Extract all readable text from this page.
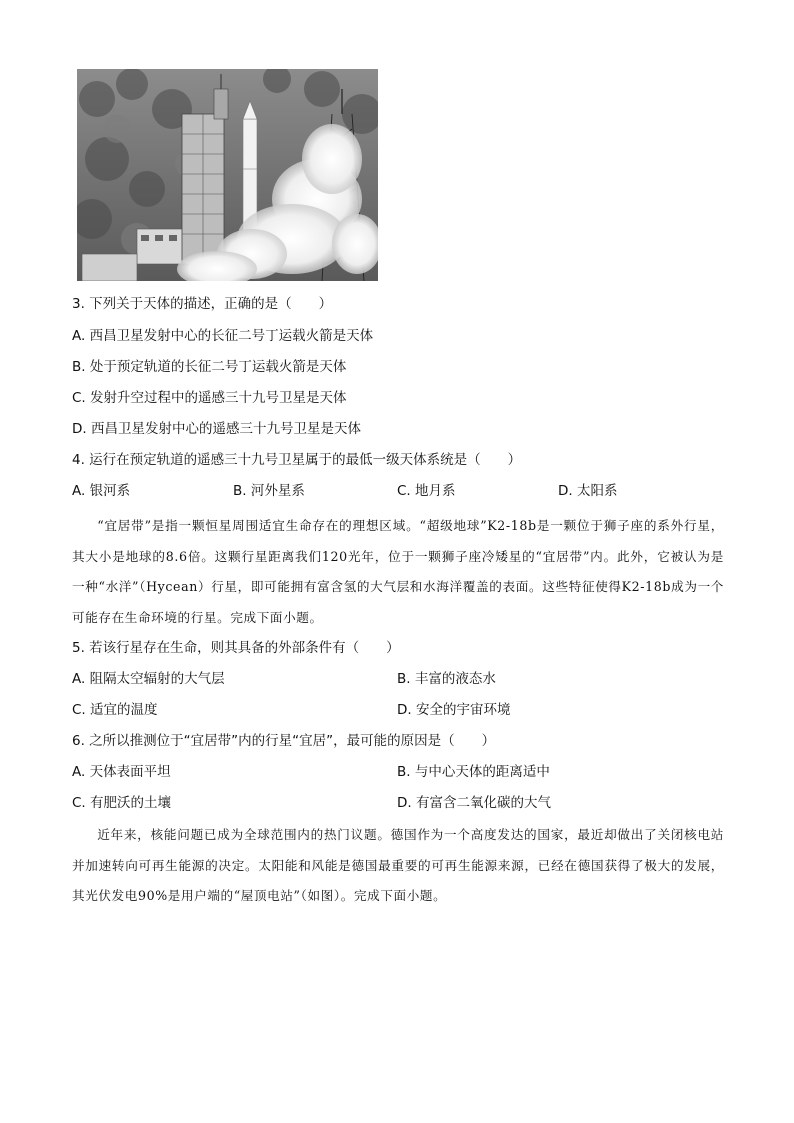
3. 下列关于天体的描述，正确的是（　　）
A. 西昌卫星发射中心的长征二号丁运载火箭是天体
B. 处于预定轨道的长征二号丁运载火箭是天体
C. 发射升空过程中的遥感三十九号卫星是天体
D. 西昌卫星发射中心的遥感三十九号卫星是天体
4. 运行在预定轨道的遥感三十九号卫星属于的最低一级天体系统是（　　）
A. 银河系	B. 河外星系	C. 地月系	D. 太阳系

“宜居带”是指一颗恒星周围适宜生命存在的理想区域。“超级地球”K2-18b是一颗位于狮子座的系外行星，其大小是地球的8.6倍。这颗行星距离我们120光年，位于一颗狮子座冷矮星的“宜居带”内。此外，它被认为是一种“水洋”（Hycean）行星，即可能拥有富含氢的大气层和水海洋覆盖的表面。这些特征使得K2-18b成为一个可能存在生命环境的行星。完成下面小题。

5. 若该行星存在生命，则其具备的外部条件有（　　）
A. 阻隔太空辐射的大气层	B. 丰富的液态水
C. 适宜的温度	D. 安全的宇宙环境
6. 之所以推测位于“宜居带”内的行星“宜居”，最可能的原因是（　　）
A. 天体表面平坦	B. 与中心天体的距离适中
C. 有肥沃的土壤	D. 有富含二氧化碳的大气

近年来，核能问题已成为全球范围内的热门议题。德国作为一个高度发达的国家，最近却做出了关闭核电站并加速转向可再生能源的决定。太阳能和风能是德国最重要的可再生能源来源，已经在德国获得了极大的发展，其光伏发电90%是用户端的“屋顶电站”（如图）。完成下面小题。
